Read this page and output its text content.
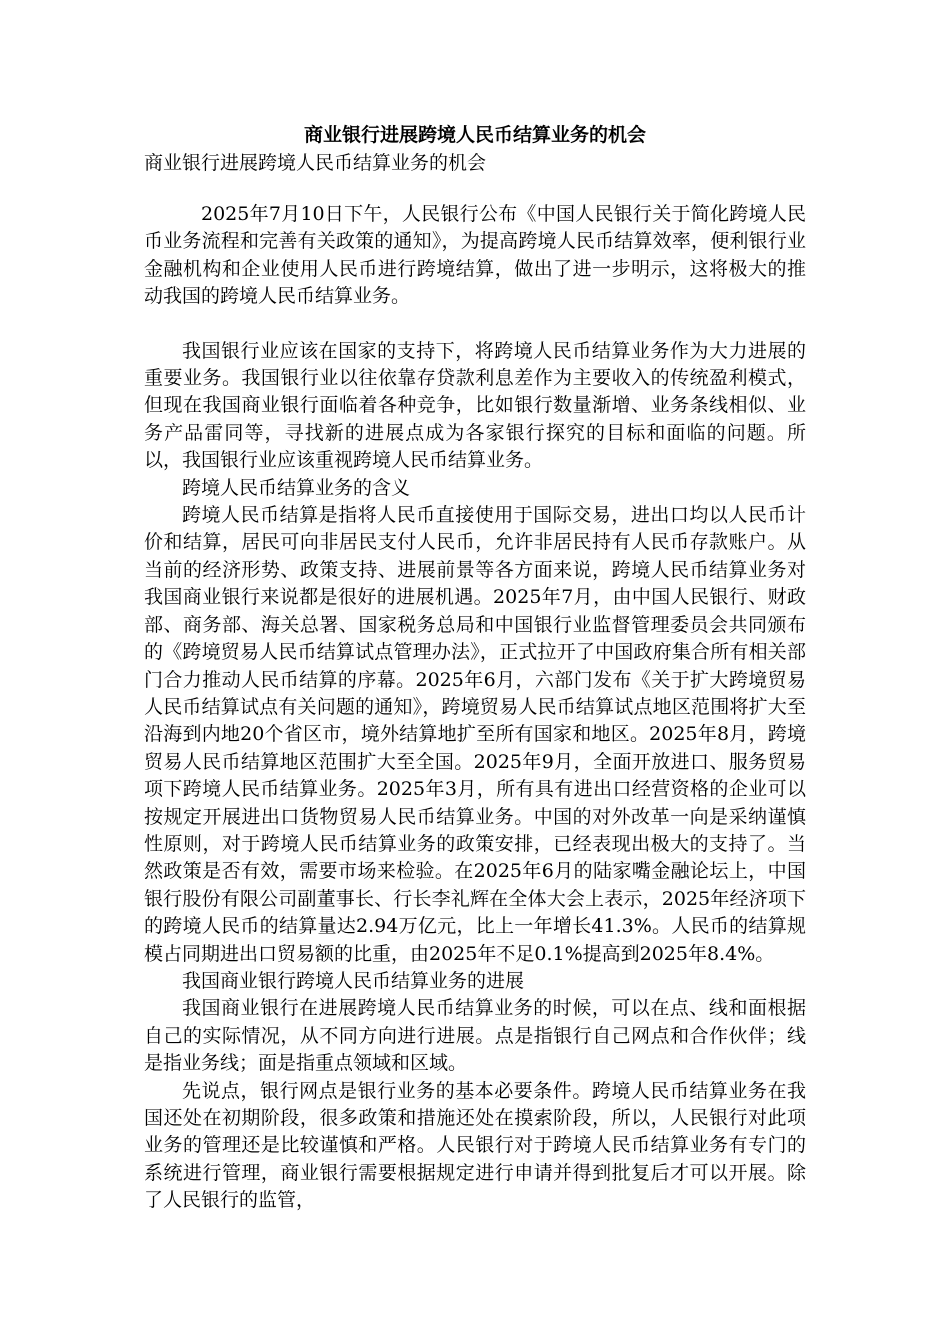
商业银行进展跨境人民币结算业务的机会
商业银行进展跨境人民币结算业务的机会

2025年7月10日下午，人民银行公布《中国人民银行关于简化跨境人民币业务流程和完善有关政策的通知》，为提高跨境人民币结算效率，便利银行业金融机构和企业使用人民币进行跨境结算，做出了进一步明示，这将极大的推动我国的跨境人民币结算业务。

我国银行业应该在国家的支持下，将跨境人民币结算业务作为大力进展的重要业务。我国银行业以往依靠存贷款利息差作为主要收入的传统盈利模式，但现在我国商业银行面临着各种竞争，比如银行数量渐增、业务条线相似、业务产品雷同等，寻找新的进展点成为各家银行探究的目标和面临的问题。所以，我国银行业应该重视跨境人民币结算业务。

跨境人民币结算业务的含义

跨境人民币结算是指将人民币直接使用于国际交易，进出口均以人民币计价和结算，居民可向非居民支付人民币，允许非居民持有人民币存款账户。从当前的经济形势、政策支持、进展前景等各方面来说，跨境人民币结算业务对我国商业银行来说都是很好的进展机遇。2025年7月，由中国人民银行、财政部、商务部、海关总署、国家税务总局和中国银行业监督管理委员会共同颁布的《跨境贸易人民币结算试点管理办法》，正式拉开了中国政府集合所有相关部门合力推动人民币结算的序幕。2025年6月，六部门发布《关于扩大跨境贸易人民币结算试点有关问题的通知》，跨境贸易人民币结算试点地区范围将扩大至沿海到内地20个省区市，境外结算地扩至所有国家和地区。2025年8月，跨境贸易人民币结算地区范围扩大至全国。2025年9月，全面开放进口、服务贸易项下跨境人民币结算业务。2025年3月，所有具有进出口经营资格的企业可以按规定开展进出口货物贸易人民币结算业务。中国的对外改革一向是采纳谨慎性原则，对于跨境人民币结算业务的政策安排，已经表现出极大的支持了。当然政策是否有效，需要市场来检验。在2025年6月的陆家嘴金融论坛上，中国银行股份有限公司副董事长、行长李礼辉在全体大会上表示，2025年经济项下的跨境人民币的结算量达2.94万亿元，比上一年增长41.3%。人民币的结算规模占同期进出口贸易额的比重，由2025年不足0.1%提高到2025年8.4%。

我国商业银行跨境人民币结算业务的进展

我国商业银行在进展跨境人民币结算业务的时候，可以在点、线和面根据自己的实际情况，从不同方向进行进展。点是指银行自己网点和合作伙伴；线是指业务线；面是指重点领域和区域。

先说点，银行网点是银行业务的基本必要条件。跨境人民币结算业务在我国还处在初期阶段，很多政策和措施还处在摸索阶段，所以，人民银行对此项业务的管理还是比较谨慎和严格。人民银行对于跨境人民币结算业务有专门的系统进行管理，商业银行需要根据规定进行申请并得到批复后才可以开展。除了人民银行的监管，
